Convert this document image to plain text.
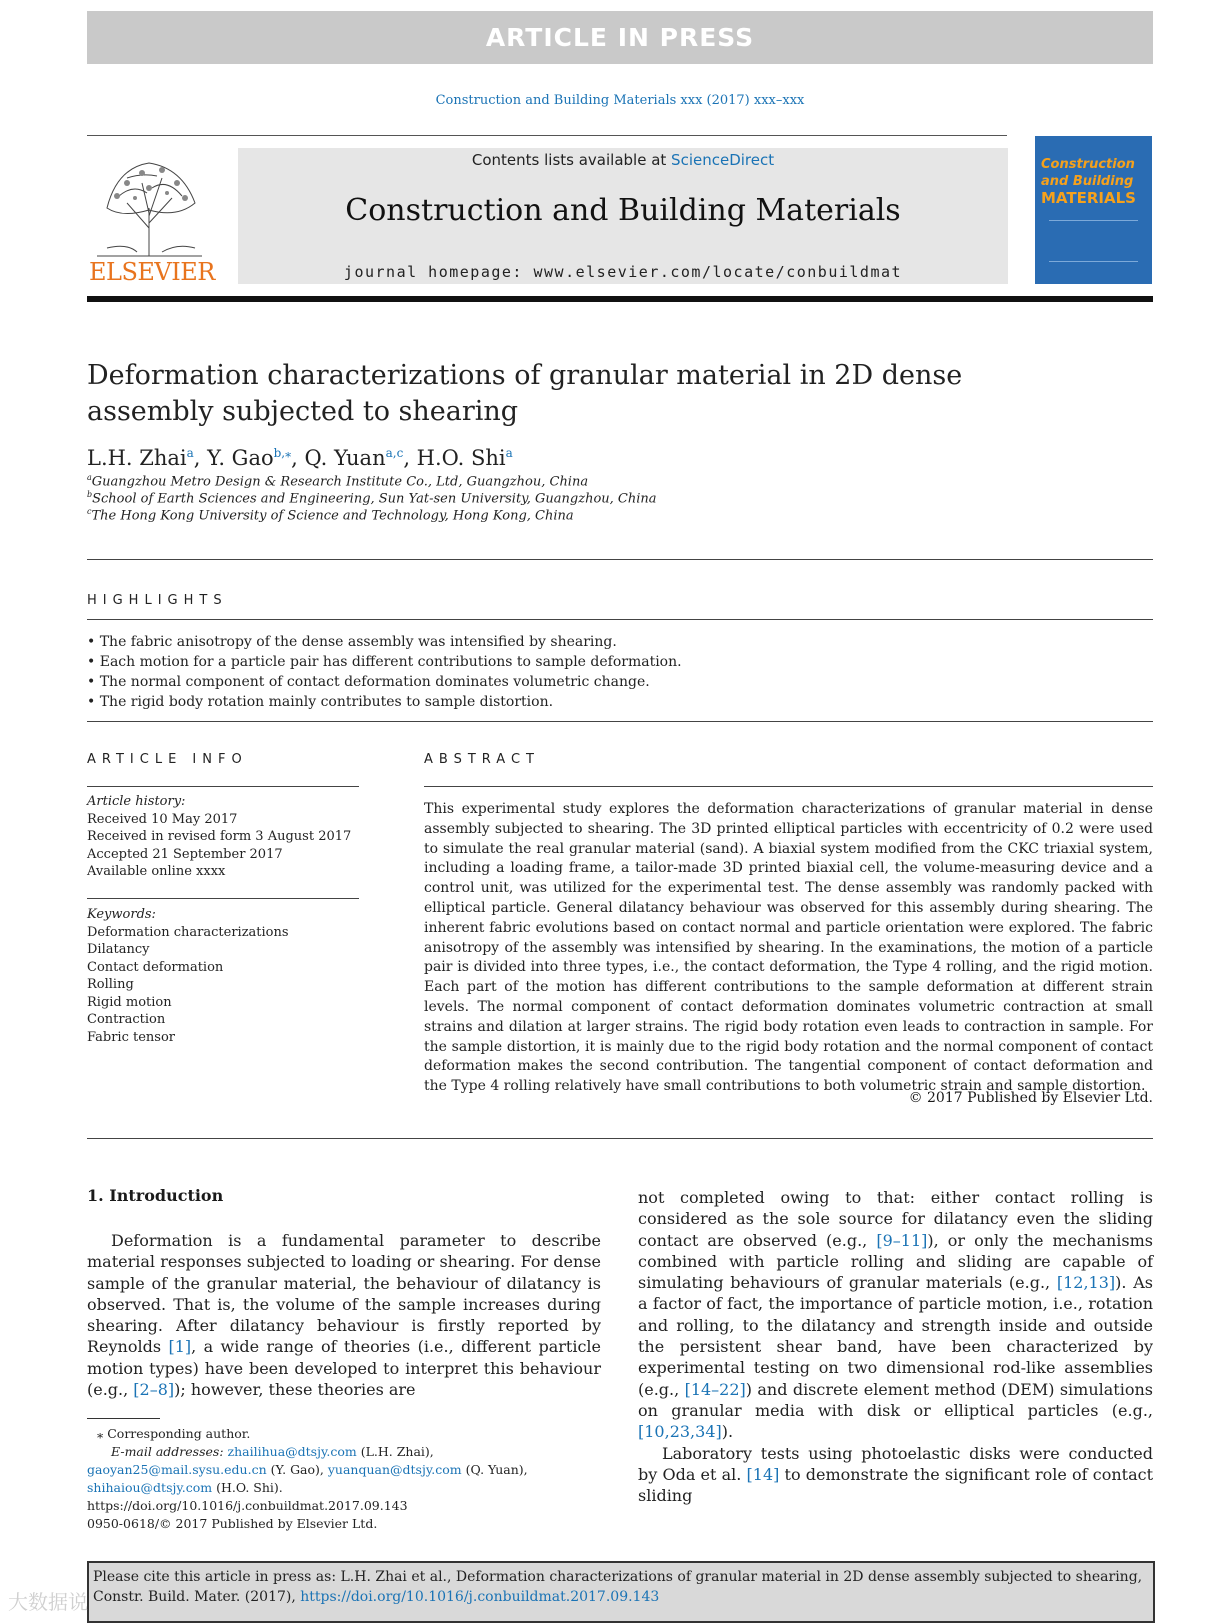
ARTICLE IN PRESS
Construction and Building Materials xxx (2017) xxx–xxx
ELSEVIER
Contents lists available at ScienceDirect
Construction and Building Materials
journal homepage: www.elsevier.com/locate/conbuildmat
Construction
and Building
MATERIALS
Deformation characterizations of granular material in 2D dense
assembly subjected to shearing
L.H. Zhai$^a$, Y. Gao$^{b,⁎}$, Q. Yuan$^{a,c}$, H.O. Shi$^a$
$^a$Guangzhou Metro Design & Research Institute Co., Ltd, Guangzhou, China
$^b$School of Earth Sciences and Engineering, Sun Yat-sen University, Guangzhou, China
$^c$The Hong Kong University of Science and Technology, Hong Kong, China
HIGHLIGHTS
• The fabric anisotropy of the dense assembly was intensified by shearing.
• Each motion for a particle pair has different contributions to sample deformation.
• The normal component of contact deformation dominates volumetric change.
• The rigid body rotation mainly contributes to sample distortion.
ARTICLE INFO
Article history:
Received 10 May 2017
Received in revised form 3 August 2017
Accepted 21 September 2017
Available online xxxx
Keywords:
Deformation characterizations
Dilatancy
Contact deformation
Rolling
Rigid motion
Contraction
Fabric tensor
ABSTRACT
This experimental study explores the deformation characterizations of granular material in dense assembly subjected to shearing. The 3D printed elliptical particles with eccentricity of 0.2 were used to simulate the real granular material (sand). A biaxial system modified from the CKC triaxial system, including a loading frame, a tailor-made 3D printed biaxial cell, the volume-measuring device and a control unit, was utilized for the experimental test. The dense assembly was randomly packed with elliptical particle. General dilatancy behaviour was observed for this assembly during shearing. The inherent fabric evolutions based on contact normal and particle orientation were explored. The fabric anisotropy of the assembly was intensified by shearing. In the examinations, the motion of a particle pair is divided into three types, i.e., the contact deformation, the Type 4 rolling, and the rigid motion. Each part of the motion has different contributions to the sample deformation at different strain levels. The normal component of contact deformation dominates volumetric contraction at small strains and dilation at larger strains. The rigid body rotation even leads to contraction in sample. For the sample distortion, it is mainly due to the rigid body rotation and the normal component of contact deformation makes the second contribution. The tangential component of contact deformation and the Type 4 rolling relatively have small contributions to both volumetric strain and sample distortion.
© 2017 Published by Elsevier Ltd.
1. Introduction
Deformation is a fundamental parameter to describe material responses subjected to loading or shearing. For dense sample of the granular material, the behaviour of dilatancy is observed. That is, the volume of the sample increases during shearing. After dilatancy behaviour is firstly reported by Reynolds [1], a wide range of theories (i.e., different particle motion types) have been developed to interpret this behaviour (e.g., [2–8]); however, these theories are
not completed owing to that: either contact rolling is considered as the sole source for dilatancy even the sliding contact are observed (e.g., [9–11]), or only the mechanisms combined with particle rolling and sliding are capable of simulating behaviours of granular materials (e.g., [12,13]). As a factor of fact, the importance of particle motion, i.e., rotation and rolling, to the dilatancy and strength inside and outside the persistent shear band, have been characterized by experimental testing on two dimensional rod-like assemblies (e.g., [14–22]) and discrete element method (DEM) simulations on granular media with disk or elliptical particles (e.g., [10,23,34]).
Laboratory tests using photoelastic disks were conducted by Oda et al. [14] to demonstrate the significant role of contact sliding
⁎ Corresponding author.
E-mail addresses: zhailihua@dtsjy.com (L.H. Zhai), gaoyan25@mail.sysu.edu.cn (Y. Gao), yuanquan@dtsjy.com (Q. Yuan), shihaiou@dtsjy.com (H.O. Shi).
https://doi.org/10.1016/j.conbuildmat.2017.09.143
0950-0618/© 2017 Published by Elsevier Ltd.
Please cite this article in press as: L.H. Zhai et al., Deformation characterizations of granular material in 2D dense assembly subjected to shearing, Constr. Build. Mater. (2017), https://doi.org/10.1016/j.conbuildmat.2017.09.143
大数据说
